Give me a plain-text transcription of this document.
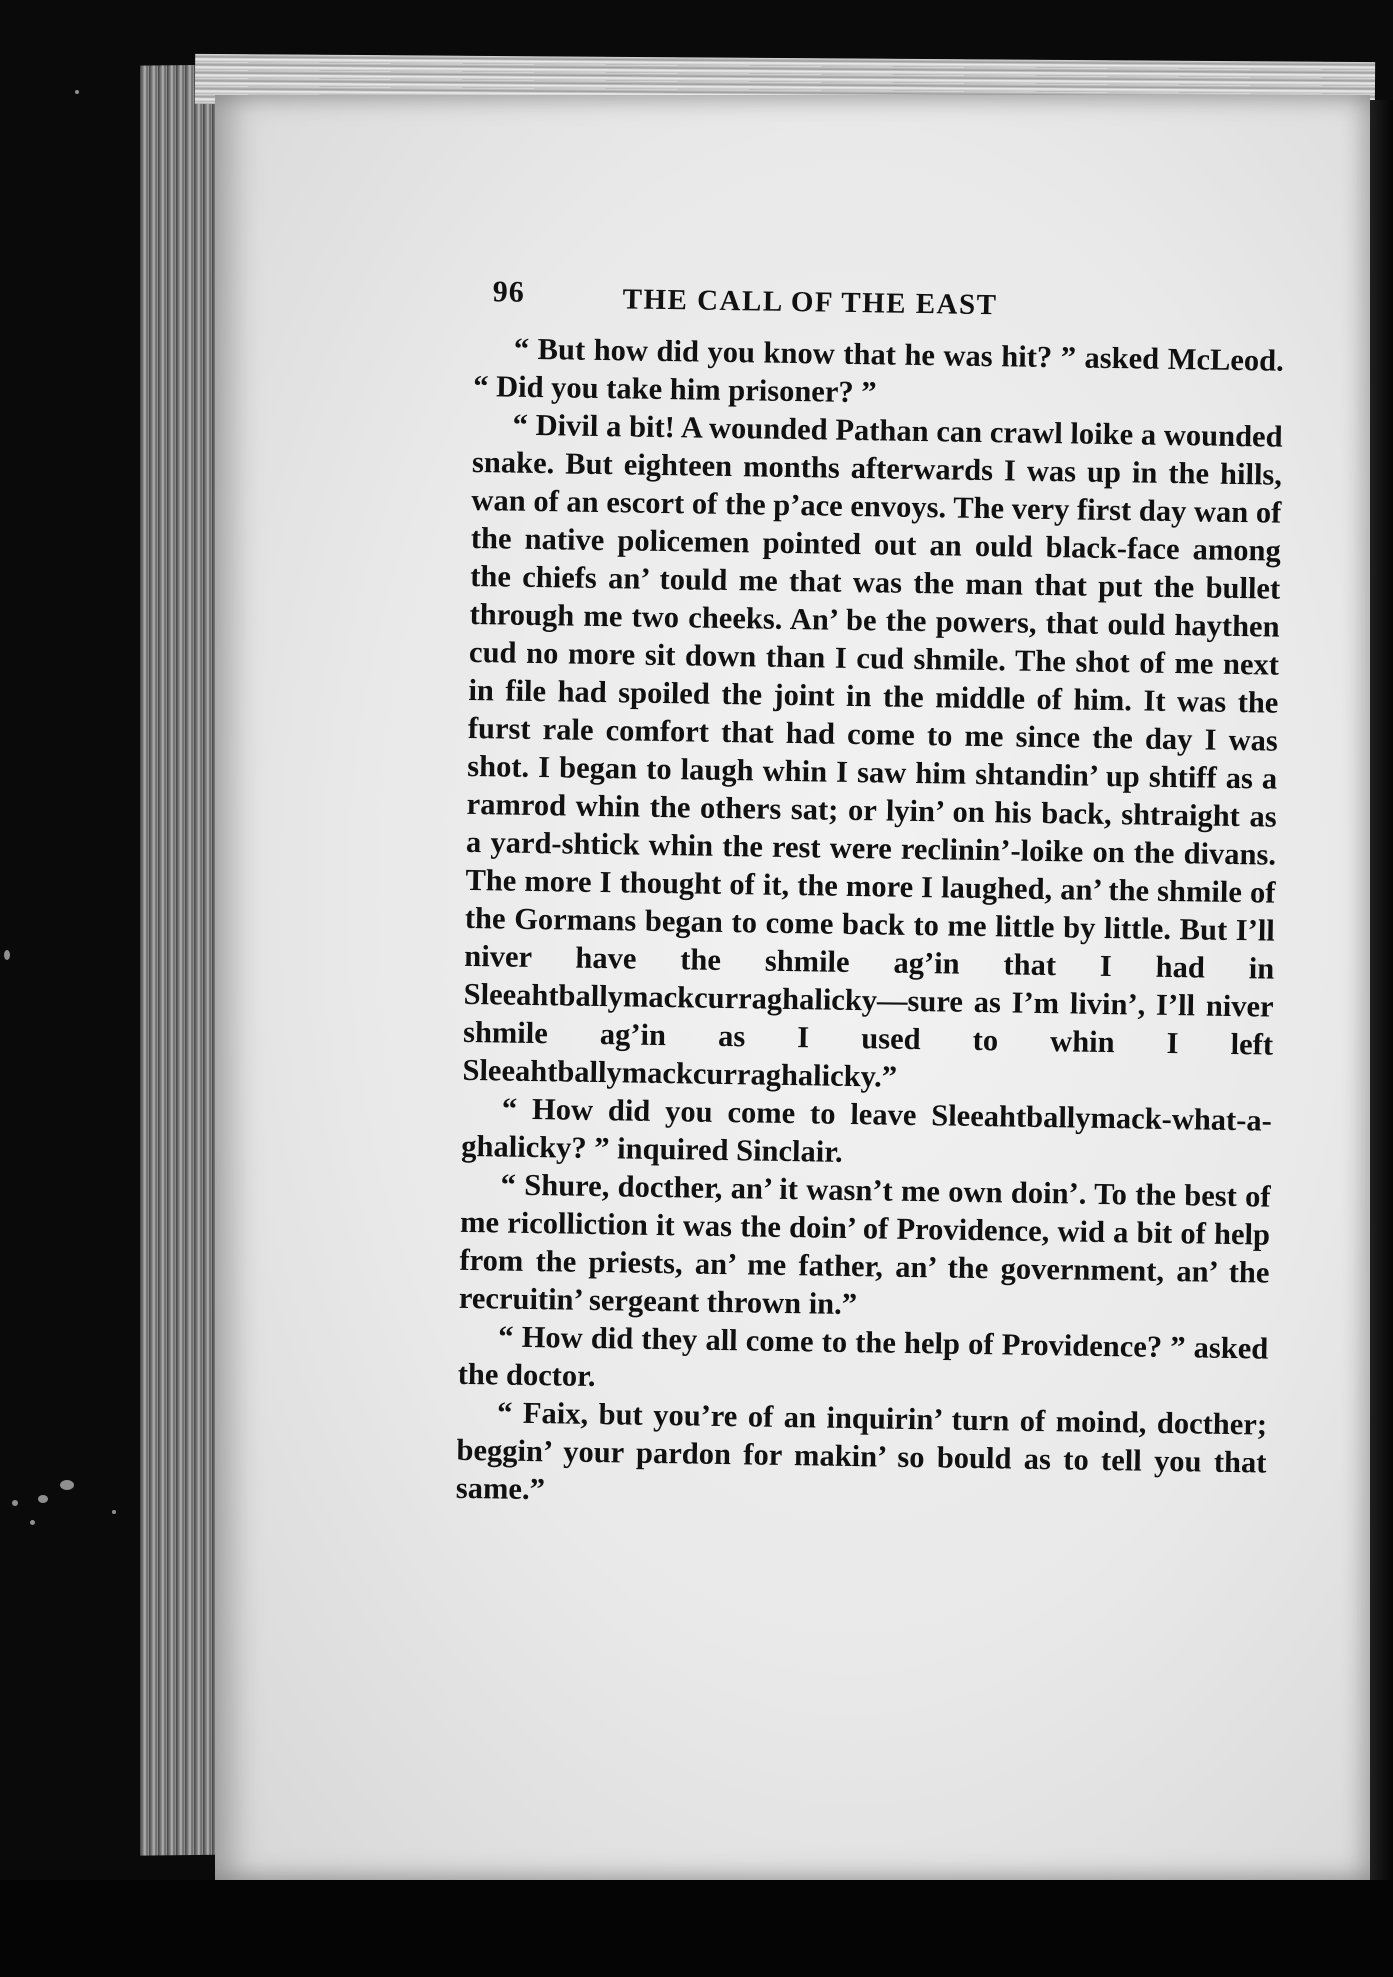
96	THE CALL OF THE EAST

“ But how did you know that he was hit? ” asked McLeod. “ Did you take him prisoner? ”

“ Divil a bit! A wounded Pathan can crawl loike a wounded snake. But eighteen months afterwards I was up in the hills, wan of an escort of the p’ace envoys. The very first day wan of the native policemen pointed out an ould black-face among the chiefs an’ tould me that was the man that put the bullet through me two cheeks. An’ be the powers, that ould haythen cud no more sit down than I cud shmile. The shot of me next in file had spoiled the joint in the middle of him. It was the furst rale comfort that had come to me since the day I was shot. I began to laugh whin I saw him shtandin’ up shtiff as a ramrod whin the others sat; or lyin’ on his back, shtraight as a yard-shtick whin the rest were reclinin’-loike on the divans. The more I thought of it, the more I laughed, an’ the shmile of the Gormans began to come back to me little by little. But I’ll niver have the shmile ag’in that I had in Sleeahtballymackcurraghalicky—sure as I’m livin’, I’ll niver shmile ag’in as I used to whin I left Sleeahtballymackcurraghalicky.”

“ How did you come to leave Sleeahtballymack-what-a-ghalicky? ” inquired Sinclair.

“ Shure, docther, an’ it wasn’t me own doin’. To the best of me ricolliction it was the doin’ of Providence, wid a bit of help from the priests, an’ me father, an’ the government, an’ the recruitin’ sergeant thrown in.”

“ How did they all come to the help of Providence? ” asked the doctor.

“ Faix, but you’re of an inquirin’ turn of moind, docther; beggin’ your pardon for makin’ so bould as to tell you that same.”
